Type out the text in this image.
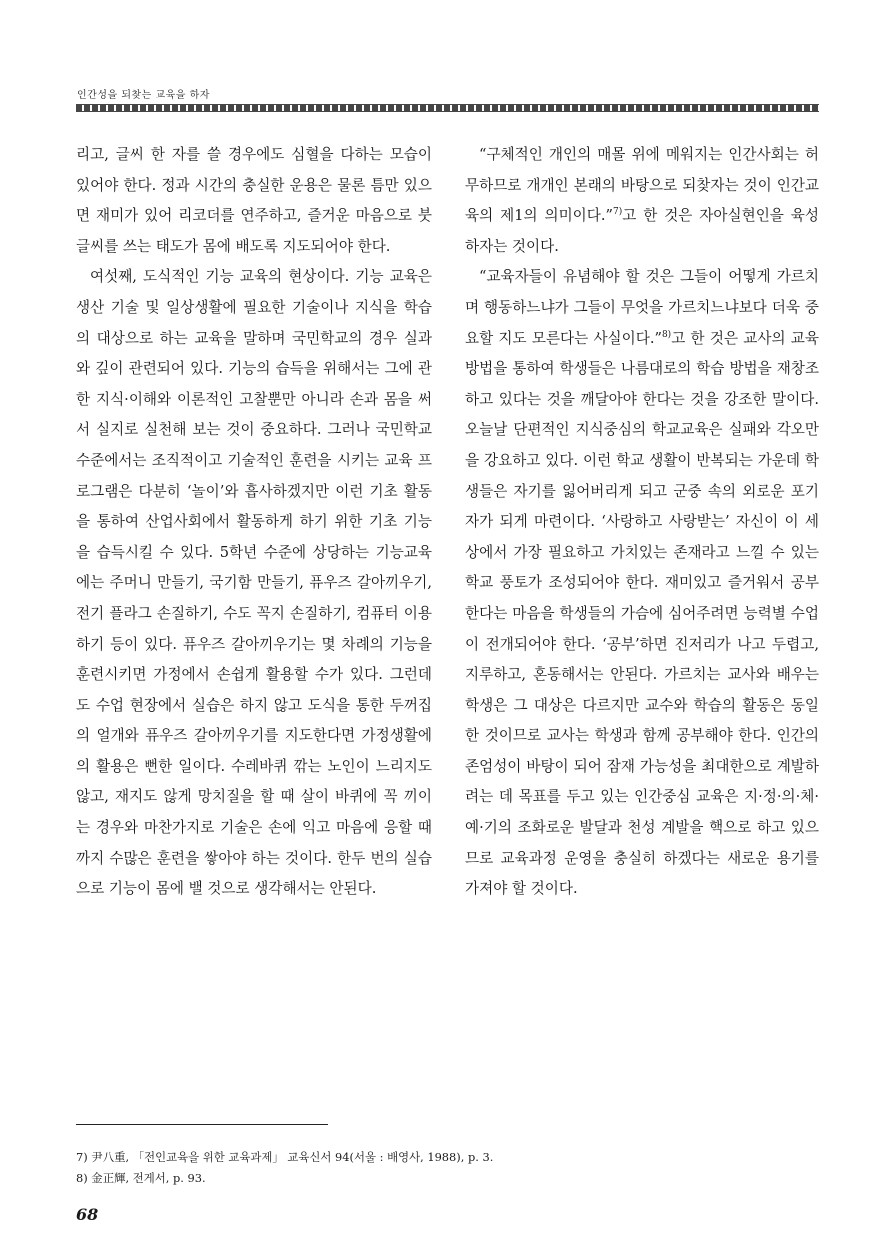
인간성을 되찾는 교육을 하자

리고, 글씨 한 자를 쓸 경우에도 심혈을 다하는 모습이 있어야 한다. 정과 시간의 충실한 운용은 물론 틈만 있으면 재미가 있어 리코더를 연주하고, 즐거운 마음으로 붓글씨를 쓰는 태도가 몸에 배도록 지도되어야 한다.

여섯째, 도식적인 기능 교육의 현상이다. 기능 교육은 생산 기술 및 일상생활에 필요한 기술이나 지식을 학습의 대상으로 하는 교육을 말하며 국민학교의 경우 실과와 깊이 관련되어 있다. 기능의 습득을 위해서는 그에 관한 지식·이해와 이론적인 고찰뿐만 아니라 손과 몸을 써서 실지로 실천해 보는 것이 중요하다. 그러나 국민학교 수준에서는 조직적이고 기술적인 훈련을 시키는 교육 프로그램은 다분히 ‘놀이’와 흡사하겠지만 이런 기초 활동을 통하여 산업사회에서 활동하게 하기 위한 기초 기능을 습득시킬 수 있다. 5학년 수준에 상당하는 기능교육에는 주머니 만들기, 국기함 만들기, 퓨우즈 갈아끼우기, 전기 플라그 손질하기, 수도 꼭지 손질하기, 컴퓨터 이용하기 등이 있다. 퓨우즈 갈아끼우기는 몇 차례의 기능을 훈련시키면 가정에서 손쉽게 활용할 수가 있다. 그런데도 수업 현장에서 실습은 하지 않고 도식을 통한 두꺼집의 얼개와 퓨우즈 갈아끼우기를 지도한다면 가정생활에의 활용은 뻔한 일이다. 수레바퀴 깎는 노인이 느리지도 않고, 재지도 않게 망치질을 할 때 살이 바퀴에 꼭 끼이는 경우와 마찬가지로 기술은 손에 익고 마음에 응할 때까지 수많은 훈련을 쌓아야 하는 것이다. 한두 번의 실습으로 기능이 몸에 밸 것으로 생각해서는 안된다.

“구체적인 개인의 매몰 위에 메워지는 인간사회는 허무하므로 개개인 본래의 바탕으로 되찾자는 것이 인간교육의 제1의 의미이다.”$^{7)}$고 한 것은 자아실현인을 육성하자는 것이다.

“교육자들이 유념해야 할 것은 그들이 어떻게 가르치며 행동하느냐가 그들이 무엇을 가르치느냐보다 더욱 중요할 지도 모른다는 사실이다.”$^{8)}$고 한 것은 교사의 교육 방법을 통하여 학생들은 나름대로의 학습 방법을 재창조하고 있다는 것을 깨달아야 한다는 것을 강조한 말이다. 오늘날 단편적인 지식중심의 학교교육은 실패와 각오만을 강요하고 있다. 이런 학교 생활이 반복되는 가운데 학생들은 자기를 잃어버리게 되고 군중 속의 외로운 포기자가 되게 마련이다. ‘사랑하고 사랑받는’ 자신이 이 세상에서 가장 필요하고 가치있는 존재라고 느낄 수 있는 학교 풍토가 조성되어야 한다. 재미있고 즐거워서 공부한다는 마음을 학생들의 가슴에 심어주려면 능력별 수업이 전개되어야 한다. ‘공부’하면 진저리가 나고 두렵고, 지루하고, 혼동해서는 안된다. 가르치는 교사와 배우는 학생은 그 대상은 다르지만 교수와 학습의 활동은 동일한 것이므로 교사는 학생과 함께 공부해야 한다. 인간의 존엄성이 바탕이 되어 잠재 가능성을 최대한으로 계발하려는 데 목표를 두고 있는 인간중심 교육은 지·정·의·체·예·기의 조화로운 발달과 천성 계발을 핵으로 하고 있으므로 교육과정 운영을 충실히 하겠다는 새로운 용기를 가져야 할 것이다.

7) 尹八重, 「전인교육을 위한 교육과제」 교육신서 94(서울 : 배영사, 1988), p. 3.
8) 金正輝, 전게서, p. 93.
68
